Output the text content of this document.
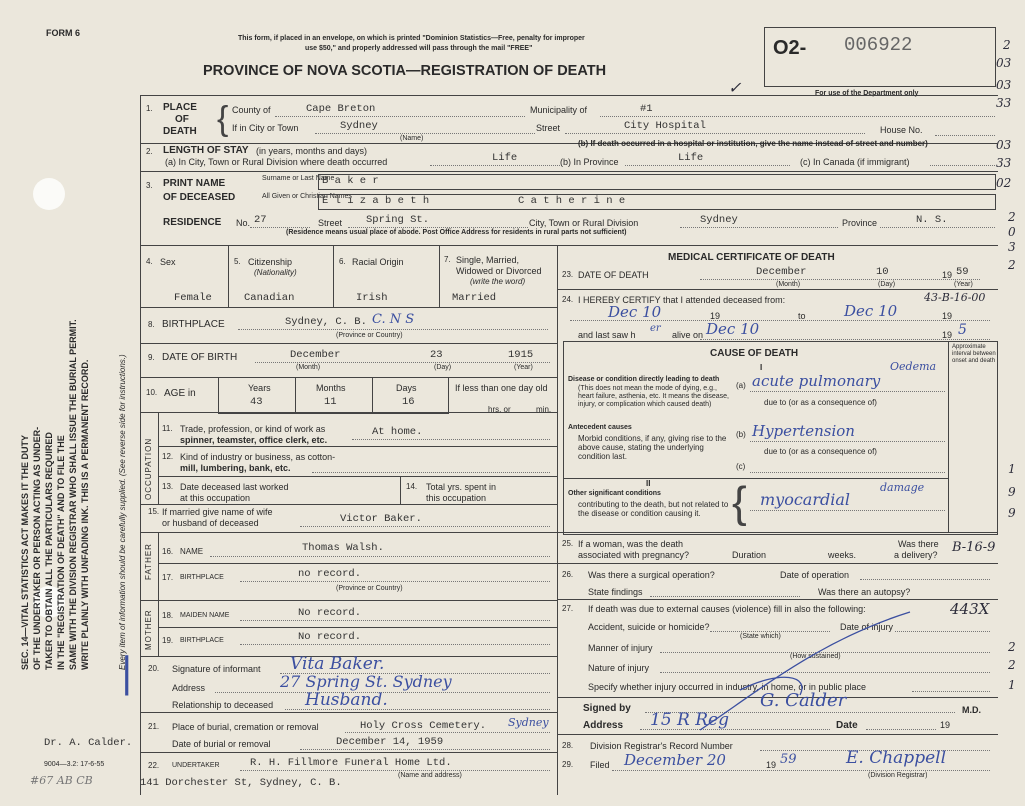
SEC. 14—VITAL STATISTICS ACT MAKES IT THE DUTY OF THE UNDERTAKER OR PERSON ACTING AS UNDER- TAKER TO OBTAIN ALL THE PARTICULARS REQUIRED IN THE "REGISTRATION OF DEATH" AND TO FILE THE SAME WITH THE DIVISION REGISTRAR WHO SHALL ISSUE THE BURIAL PERMIT. WRITE PLAINLY WITH UNFADING INK. THIS IS A PERMANENT RECORD.	Every item of information should be carefully supplied. (See reverse side for instructions.)
FORM 6
This form, if placed in an envelope, on which is printed "Dominion Statistics—Free, penalty for improper
use $50," and properly addressed will pass through the mail "FREE"
PROVINCE OF NOVA SCOTIA—REGISTRATION OF DEATH
O2- 006922
For use of the Department only
✓
2
03
03
33
03
33
02
2
0
3
2
1
9
9
2
2
1
1. PLACE
OF
DEATH { County of	Cape Breton	Municipality of	#1
If in City or Town	Sydney	Street	City Hospital	House No.
(Name)
2. LENGTH OF STAY (in years, months and days)
(b) If death occurred in a hospital or institution, give the name instead of street and number)
(a) In City, Town or Rural Division where death occurred	Life	(b) In Province	Life	(c) In Canada (if immigrant)
3. PRINT NAME
OF DECEASED
Surname or Last Name
All Given or Christian Names
B a k e r
E l i z a b e t h	C a t h e r i n e
RESIDENCE No. 27	Street Spring St.	City, Town or Rural Division	Sydney	Province	N. S.
(Residence means usual place of abode. Post Office Address for residents in rural parts not sufficient)
4. Sex	5. Citizenship
(Nationality)
6. Racial Origin	7. Single, Married, Widowed or Divorced
(write the word)
Female	Canadian	Irish	Married
8. BIRTHPLACE	Sydney, C. B. C. N S
(Province or Country)
9. DATE OF BIRTH	December	23	1915
(Month)	(Day)	(Year)
10. AGE in	Years	Months	Days
43	11	16
If less than one day old
hrs. or	min.
OCCUPATION
11. Trade, profession, or kind of work as
spinner, teamster, office clerk, etc.
At home.
12. Kind of industry or business, as cotton-
mill, lumbering, bank, etc.
13. Date deceased last worked
at this occupation
14. Total yrs. spent in
this occupation
15. If married give name of wife
or husband of deceased	Victor Baker.
FATHER 16. NAME	Thomas Walsh.
17. BIRTHPLACE	no record.
(Province or Country)
MOTHER 18. MAIDEN NAME	No record.
19. BIRTHPLACE	No record.
20. Signature of informant Vita Baker.
Address	27 Spring St. Sydney
Relationship to deceased Husband.
21. Place of burial, cremation or removal	Holy Cross Cemetery. Sydney
Date of burial or removal	December 14, 1959
22. UNDERTAKER	R. H. Fillmore Funeral Home Ltd.
(Name and address)
141 Dorchester St, Sydney, C. B.
Dr. A. Calder.
9004—3.2: 17-6-55
#67 AB CB
|
MEDICAL CERTIFICATE OF DEATH
23. DATE OF DEATH	December	10	19 59
(Month)	(Day)	(Year)
24. I HEREBY CERTIFY that I attended deceased from:	43-B-16-00
Dec 10	19	to	Dec 10	19
and last saw h
er
alive on Dec 10	19 5
CAUSE OF DEATH
I
Approximate interval between onset and death
Disease or condition directly leading to death
(This does not mean the mode of dying, e.g., heart failure, asthenia, etc. It means the disease, injury, or complication which caused death)
(a) acute pulmonary
Oedema
due to (or as a consequence of)
Antecedent causes
Morbid conditions, if any, giving rise to the above cause, stating the underlying condition last.
(b) Hypertension
due to (or as a consequence of)
(c)
II
Other significant conditions
contributing to the death, but not related to the disease or condition causing it. { myocardial
damage
25. If a woman, was the death
associated with pregnancy?	Duration	weeks.
Was there
a delivery? B-16-9
26. Was there a surgical operation?	Date of operation
State findings	Was there an autopsy?
27. If death was due to external causes (violence) fill in also the following:	443X
Accident, suicide or homicide?	Date of injury
(State which)
Manner of injury
(How sustained)
Nature of injury
Specify whether injury occurred in industry, in home, or in public place
Signed by	G. Calder	M.D.
Address 15 R Reg	Date	19
28. Division Registrar's Record Number
29. Filed December 20	19 59	E. Chappell
(Division Registrar)
